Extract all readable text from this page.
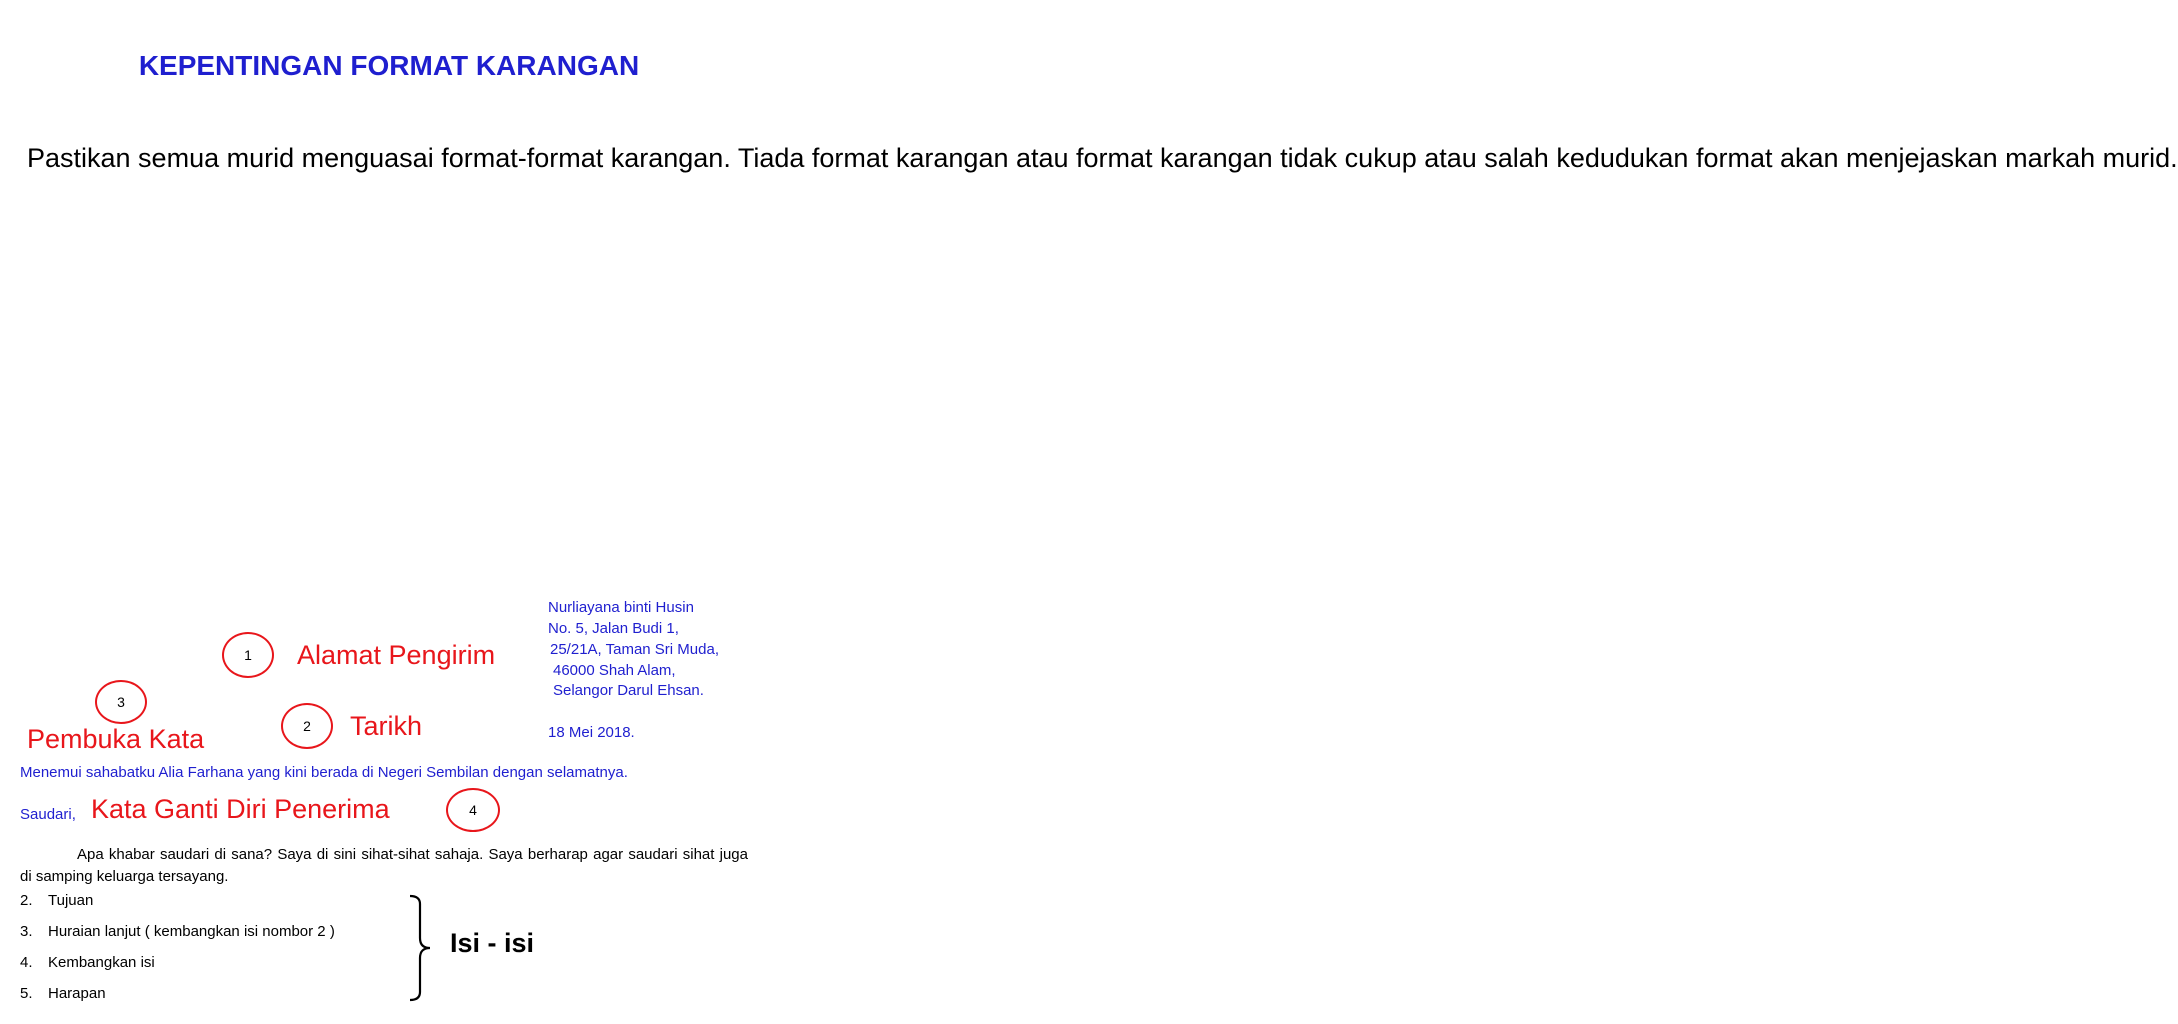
KEPENTINGAN FORMAT KARANGAN

Pastikan semua murid menguasai format-format karangan. Tiada format karangan atau format karangan tidak cukup atau salah kedudukan format akan menjejaskan markah murid.

Nurliayana binti Husin
No. 5, Jalan Budi 1,
25/21A, Taman Sri Muda,
46000 Shah Alam,
Selangor Darul Ehsan.
1 Alamat Pengirim
3
2 Tarikh	18 Mei 2018.
Pembuka Kata
Menemui sahabatku Alia Farhana yang kini berada di Negeri Sembilan dengan selamatnya.
Saudari, Kata Ganti Diri Penerima	4

Apa khabar saudari di sana? Saya di sini sihat-sihat sahaja. Saya berharap agar saudari sihat juga di samping keluarga tersayang.

2. Tujuan
3. Huraian lanjut ( kembangkan isi nombor 2 )
4. Kembangkan isi
5. Harapan
Isi - isi
